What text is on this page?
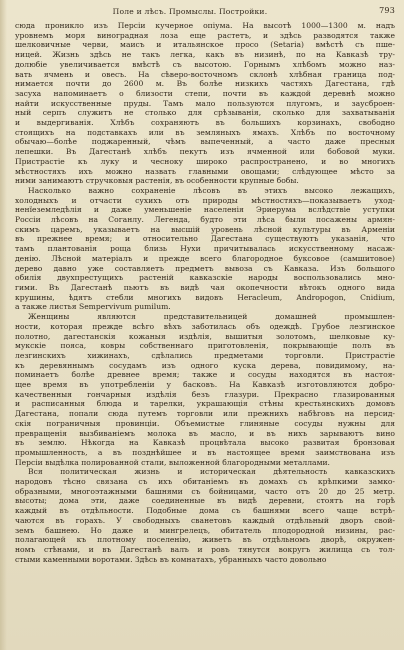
Поле и лѣсъ. Промыслы. Постройки.	793
сюда проникло изъ Персіи кучерное опіума. На высотѣ 1000—1300 м. надъ
уровнемъ моря виноградная лоза еще растетъ, и здѣсь разводятся также
шелковичные черви, маисъ и итальянское просо (Setaria) вмѣстѣ съ пше-
ницей. Жизнь здѣсь не такъ легка, какъ въ низинѣ, по на Кавказѣ тру-
долюбіе увеличивается вмѣстѣ съ высотою. Горнымъ хлѣбомъ можно наз-
вать ячмень и овесъ. На сѣверо-восточномъ склонѣ хлѣбная граница под-
нимается почти до 2600 м. Въ болѣе низкихъ частяхъ Дагестана, гдѣ
засуха напоминаетъ о близости степи, почти въ каждой деревнѣ можно
найти искусственные пруды. Тамъ мало пользуются плугомъ, и заусброен-
ный серпъ служитъ не столько для срѣзыванія, сколько для захватыванія
и выдергиванія. Хлѣбъ сохраняютъ въ большихъ корзинахъ, свободно
стоящихъ на подставкахъ или въ земляныхъ ямахъ. Хлѣбъ по восточному
обычаю—болѣе поджаренный, чѣмъ выпеченный, а часто даже пресныя
лепешки. Въ Дагестанѣ хлѣбъ пекутъ изъ ячменной или бобовой муки.
Пристрастіе къ луку и чесноку широко распространено, и во многихъ
мѣстностяхъ ихъ можно назвать главными овощами; слѣдующее мѣсто за
ними занимаютъ стручковыя растенія, въ особенности крупные бобы.
Насколько важно сохраненіе лѣсовъ въ этихъ высоко лежащихъ,
холодныхъ и отчасти сухихъ отъ природы мѣстностяхъ—показываетъ уход-
ненïеземледѣлія и даже уменьшеніе населенія Эриерума вслѣдствіе уступки
Россіи лѣсовъ на Соганлу. Легенда, будто эти лѣса были посажены армян-
скимъ царемъ, указываетъ на высшій уровень лѣсной культуры въ Арменіи
въ прежнее время; и относительно Дагестана существуютъ указанія, что
тамъ плантованія роща близь Нухи причитывалась искусственному насаж-
денію. Лѣсной матеріалъ и прежде всего благородное буксовое (самшитовое)
дерево давно уже составляетъ предметъ вывоза съ Кавказа. Изъ большого
обилія двухпрестущихъ растеній кавказскіе народы воспользовались мно-
гими. Въ Дагестанѣ пьютъ въ видѣ чая окопечности вѣтокъ одного вида
крушины, ѣдятъ стебли многихъ видовъ Heracleum, Andropogon, Cnidium,
а также листья Sempervivum pumilum.
Женщины являются представительницей домашней промышлен-
ности, которая прежде всѣго вѣхъ заботилась объ одеждѣ. Грубое лезгинское
полотно, дагестанскія кожаныя издѣлія, вышитыя золотомъ, шелковые ку-
мукскіе пояса, ковры собственнаго приготовленія, покрывающіе полъ въ
лезгинскихъ хижинахъ, сдѣлались предметами торговли. Пристрастіе
къ деревяннымъ сосудамъ изъ одного куска дерева, повидимому, на-
поминаетъ болѣе древнее время; также и сосуды находятся въ настоя-
щее время въ употребленіи у басковъ. На Кавказѣ изготовляются добро-
качественныя гончарныя издѣлія безъ глазури. Прекрасно глазированныя
и расписанныя блюда и тарелки, украшающія стѣны крестьянскихъ домовъ
Дагестана, попали сюда путемъ торговли или прежнихъ набѣговъ на персид-
скія пограничныя провинціи. Объемистые глиняные сосуды нужны для
превращенія вызбиваніемъ молока въ масло, и въ нихъ зарываютъ вино
въ землю. Нѣкогда на Кавказѣ процвѣтала высоко развитая бронзовая
промышленность, а въ позднѣйшее и въ настоящее время заимствована изъ
Персіи выдѣлка полированной стали, выложенной благородными металлами.
Вся политическая жизнь и историческая дѣятельность кавказскихъ
народовъ тѣсно связана съ ихъ обитаніемъ въ домахъ съ крѣпкими замко-
образными, многоэтажными башнями съ бойницами, часто отъ 20 до 25 метр.
высоты; дома эти, даже соединенные въ видѣ деревни, стоятъ на горѣ
каждый въ отдѣльности. Подобные дома съ башнями всего чаще встрѣ-
чаются въ горахъ. У свободныхъ сванетовъ каждый отдѣльный дворъ свой-
земъ башнею. Но даже и мингрелецъ, обитатель плодородной низины, рас-
полагающей къ плотному поселенію, живетъ въ отдѣльномъ дворѣ, окружен-
номъ стѣнами, и въ Дагестанѣ валъ и ровъ тянутся вокругъ жилища съ тол-
стыми каменными воротами. Здѣсь въ комнатахъ, убранныхъ часто довольно
